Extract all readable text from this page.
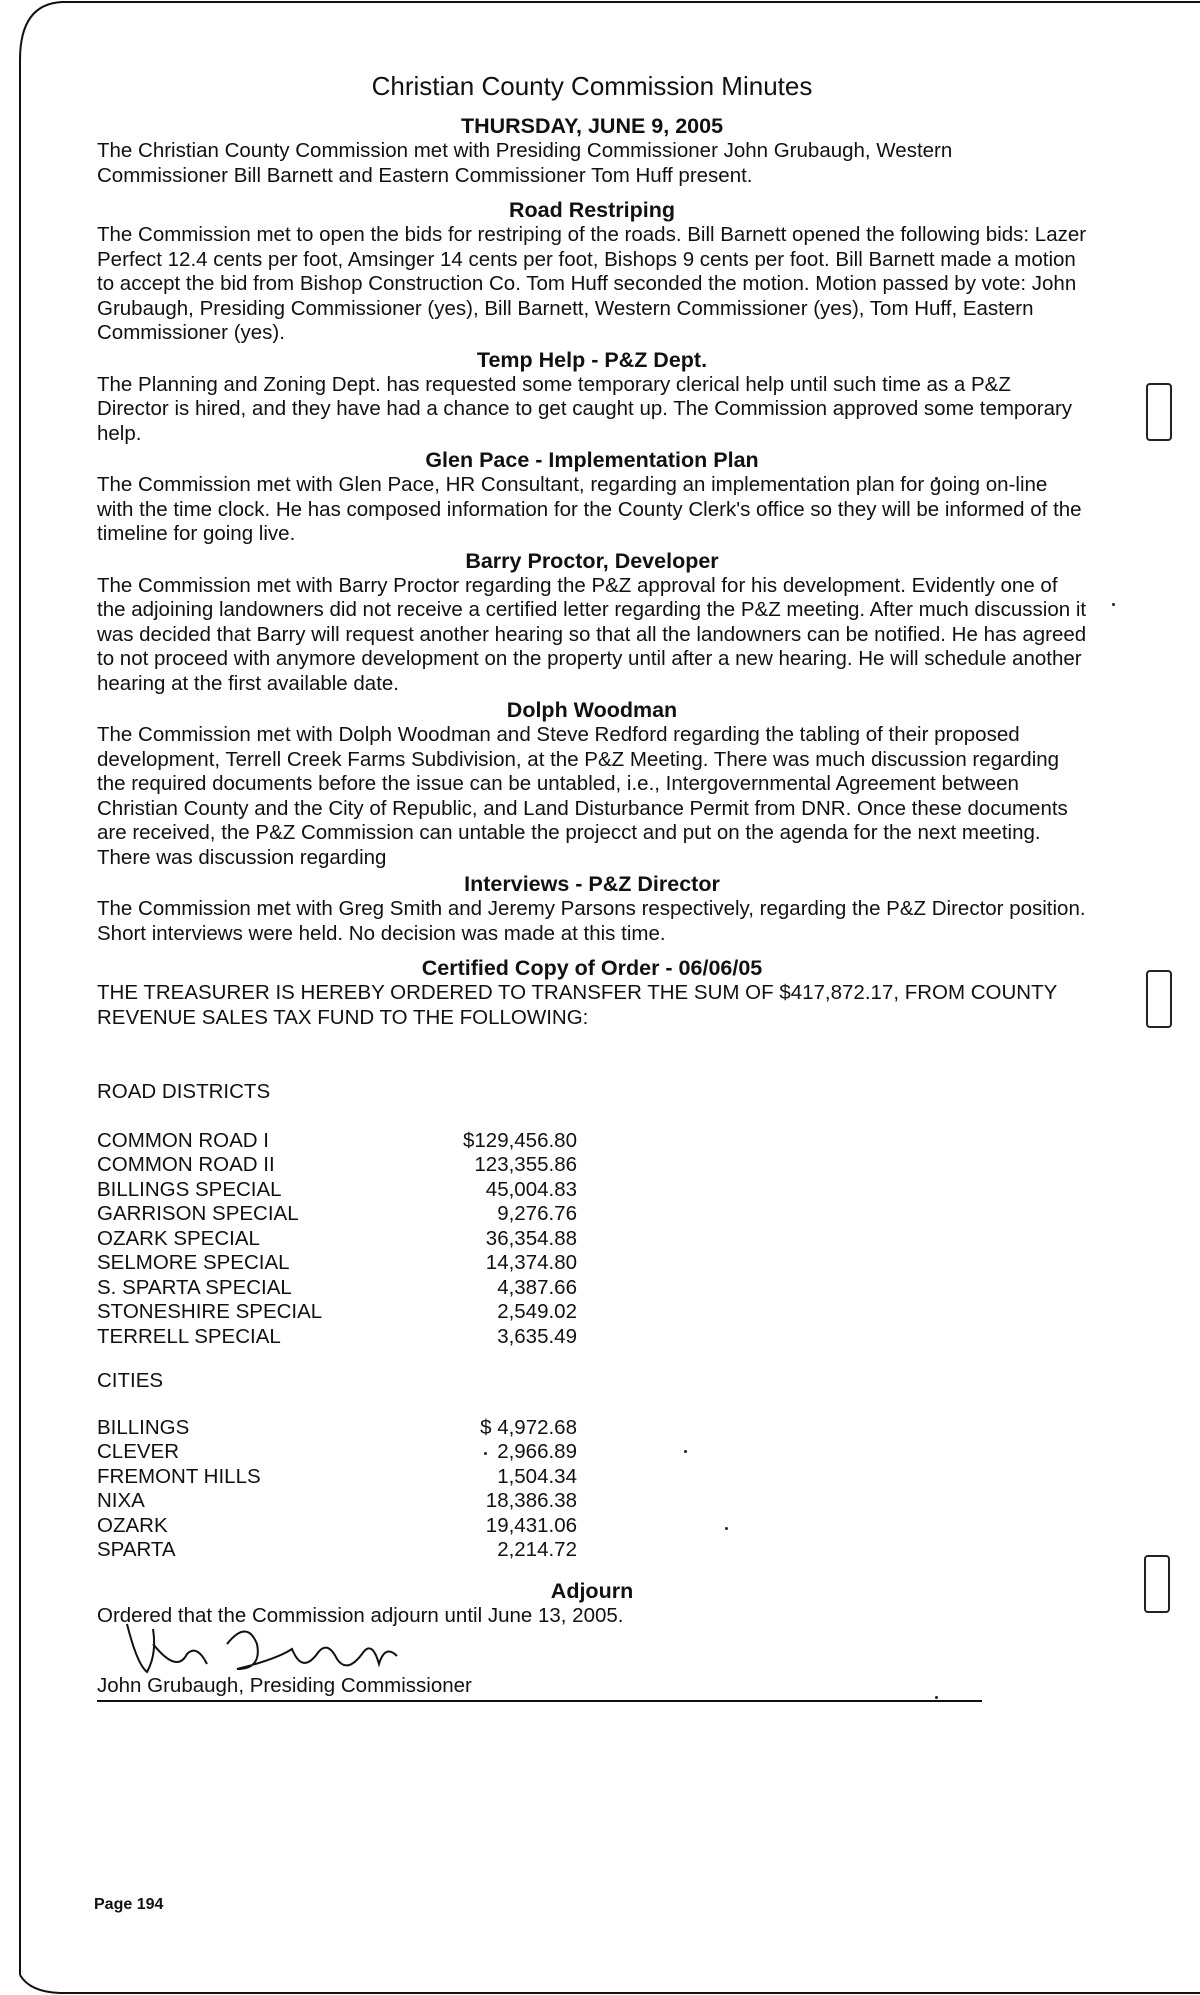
Christian County Commission Minutes
THURSDAY, JUNE 9, 2005

The Christian County Commission met with Presiding Commissioner John Grubaugh, Western Commissioner Bill Barnett and Eastern Commissioner Tom Huff present.

Road Restriping

The Commission met to open the bids for restriping of the roads. Bill Barnett opened the following bids: Lazer Perfect 12.4 cents per foot, Amsinger 14 cents per foot, Bishops 9 cents per foot. Bill Barnett made a motion to accept the bid from Bishop Construction Co. Tom Huff seconded the motion. Motion passed by vote: John Grubaugh, Presiding Commissioner (yes), Bill Barnett, Western Commissioner (yes), Tom Huff, Eastern Commissioner (yes).

Temp Help - P&Z Dept.

The Planning and Zoning Dept. has requested some temporary clerical help until such time as a P&Z Director is hired, and they have had a chance to get caught up. The Commission approved some temporary help.

Glen Pace - Implementation Plan

The Commission met with Glen Pace, HR Consultant, regarding an implementation plan for going on-line with the time clock. He has composed information for the County Clerk's office so they will be informed of the timeline for going live.

Barry Proctor, Developer

The Commission met with Barry Proctor regarding the P&Z approval for his development. Evidently one of the adjoining landowners did not receive a certified letter regarding the P&Z meeting. After much discussion it was decided that Barry will request another hearing so that all the landowners can be notified. He has agreed to not proceed with anymore development on the property until after a new hearing. He will schedule another hearing at the first available date.

Dolph Woodman

The Commission met with Dolph Woodman and Steve Redford regarding the tabling of their proposed development, Terrell Creek Farms Subdivision, at the P&Z Meeting. There was much discussion regarding the required documents before the issue can be untabled, i.e., Intergovernmental Agreement between Christian County and the City of Republic, and Land Disturbance Permit from DNR. Once these documents are received, the P&Z Commission can untable the projecct and put on the agenda for the next meeting. There was discussion regarding

Interviews - P&Z Director

The Commission met with Greg Smith and Jeremy Parsons respectively, regarding the P&Z Director position. Short interviews were held. No decision was made at this time.

Certified Copy of Order - 06/06/05

THE TREASURER IS HEREBY ORDERED TO TRANSFER THE SUM OF $417,872.17, FROM COUNTY REVENUE SALES TAX FUND TO THE FOLLOWING:

ROAD DISTRICTS

COMMON ROAD I	$129,456.80
COMMON ROAD II	123,355.86
BILLINGS SPECIAL	45,004.83
GARRISON SPECIAL	9,276.76
OZARK SPECIAL	36,354.88
SELMORE SPECIAL	14,374.80
S. SPARTA SPECIAL	4,387.66
STONESHIRE SPECIAL	2,549.02
TERRELL SPECIAL	3,635.49

CITIES

BILLINGS	$ 4,972.68
CLEVER	2,966.89
FREMONT HILLS	1,504.34
NIXA	18,386.38
OZARK	19,431.06
SPARTA	2,214.72
Adjourn

Ordered that the Commission adjourn until June 13, 2005.

John Grubaugh, Presiding Commissioner
Page 194
